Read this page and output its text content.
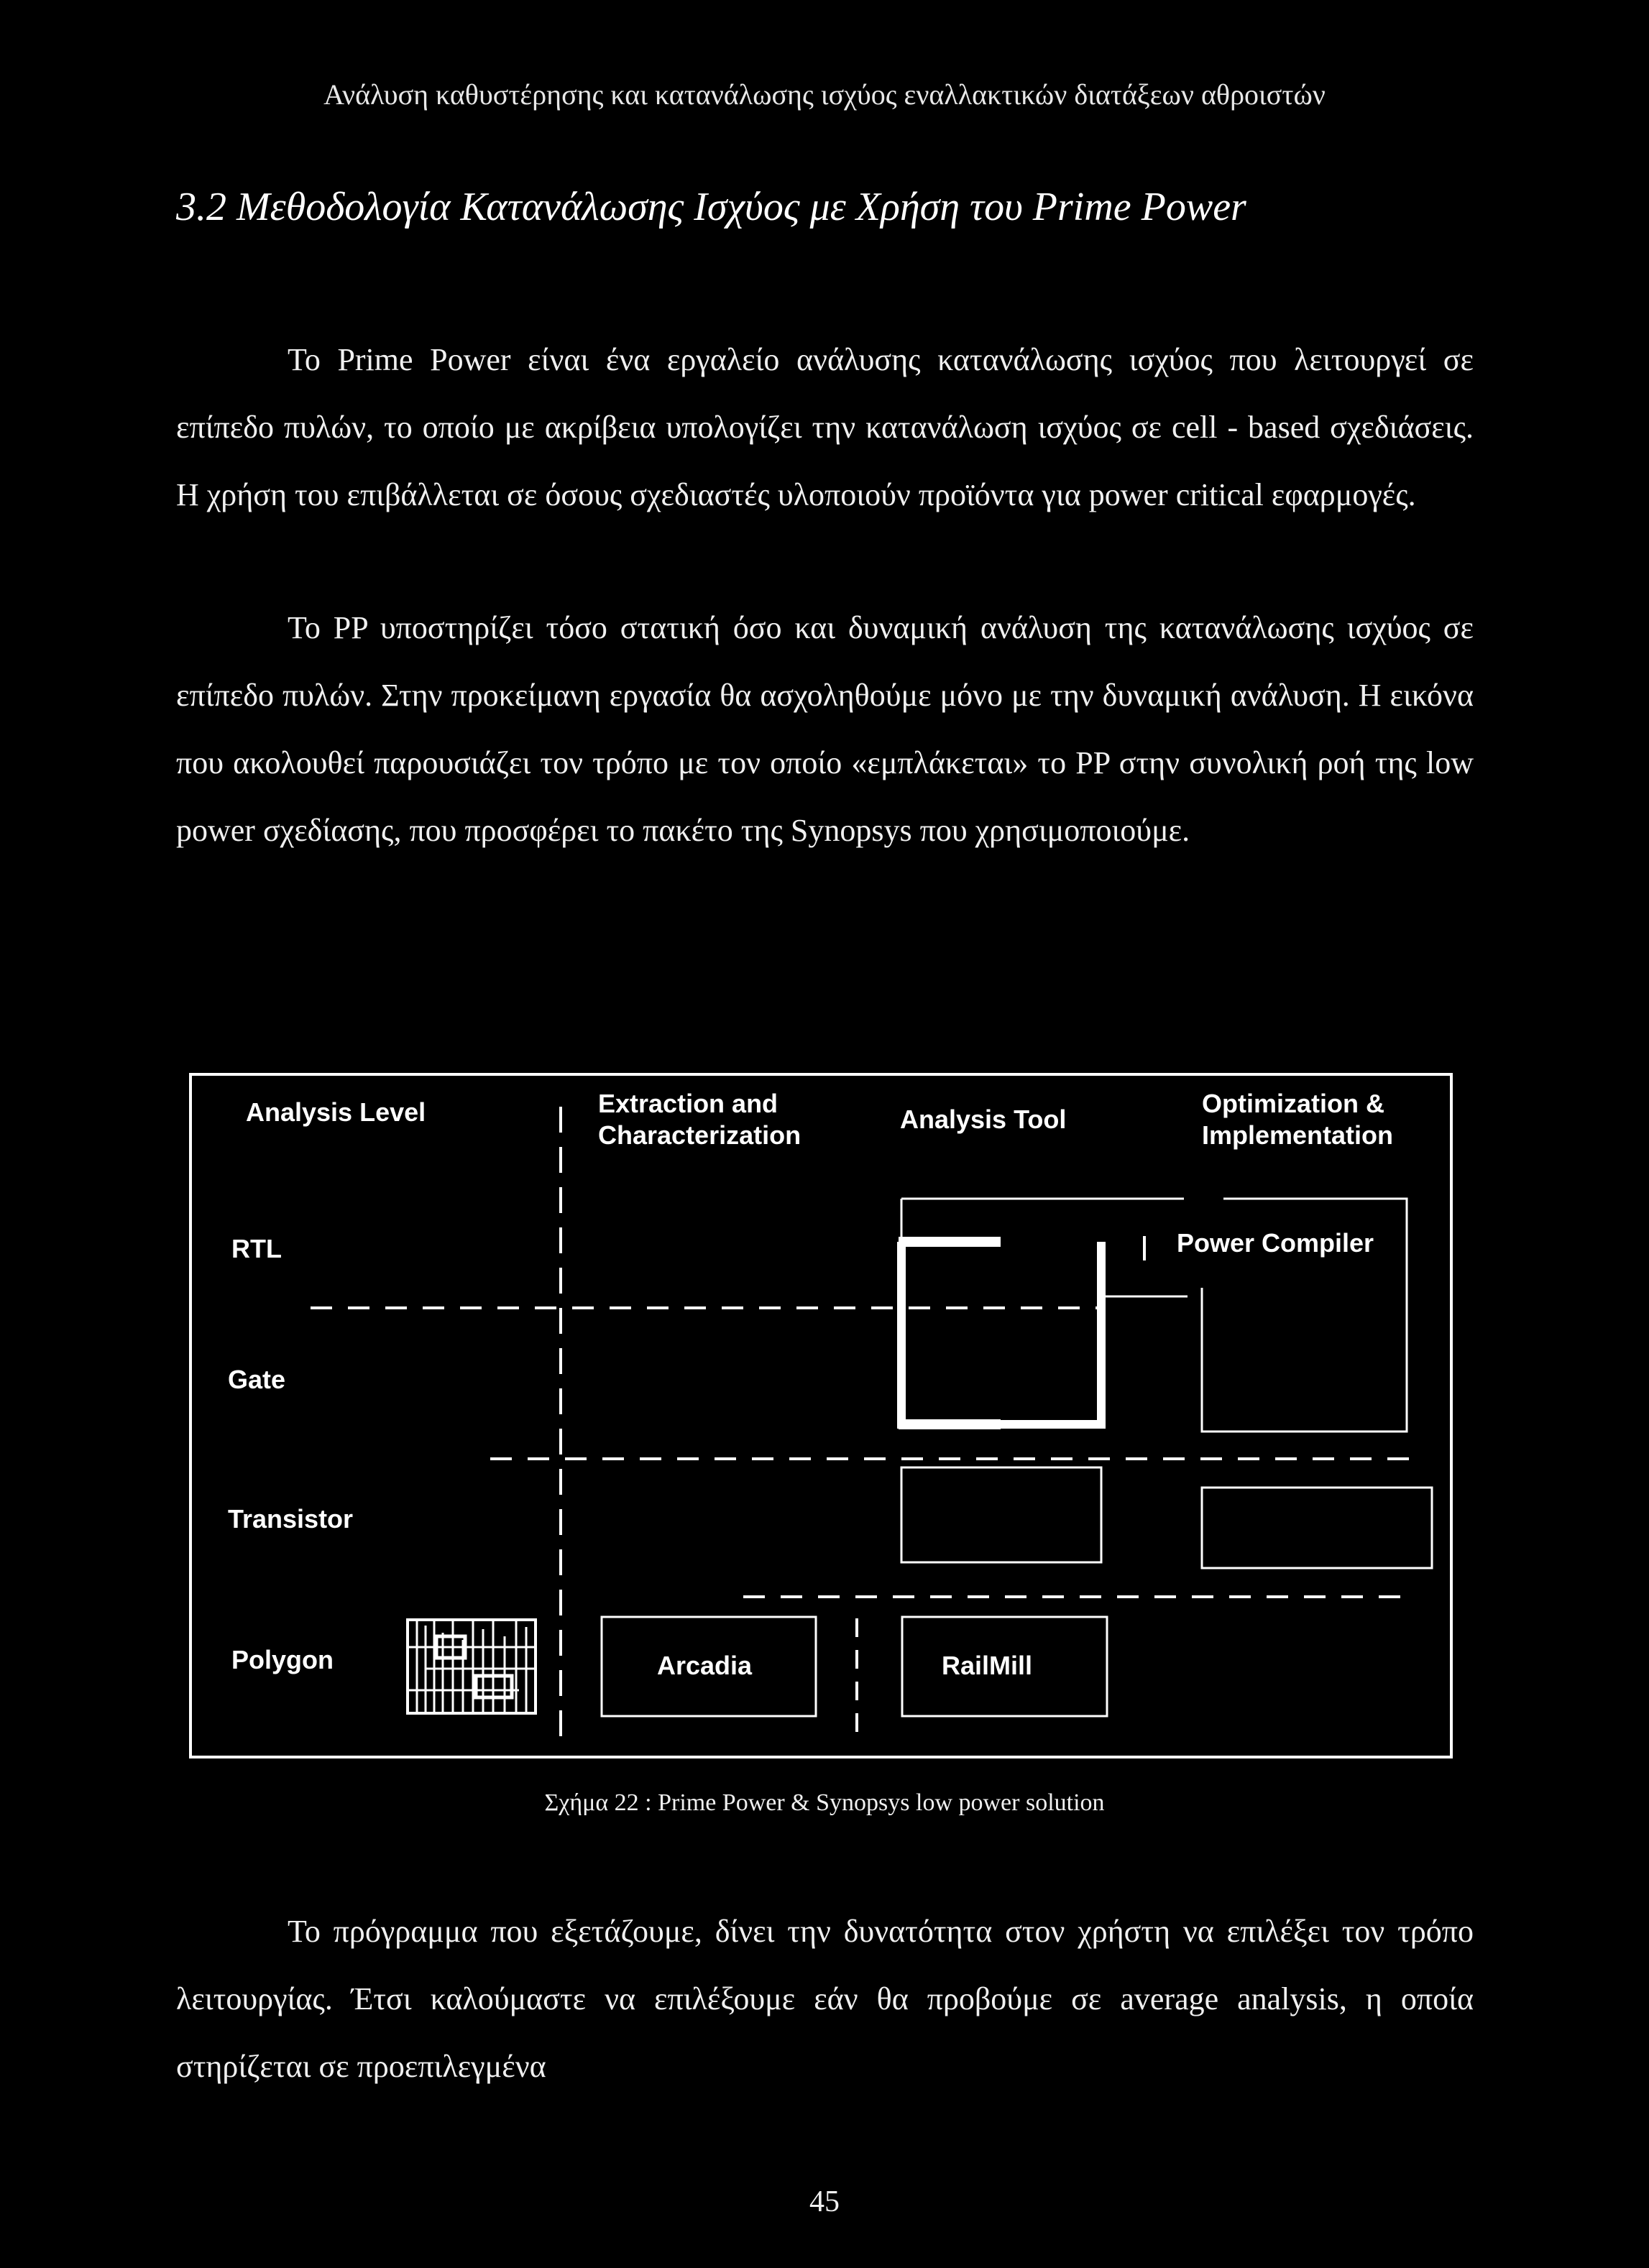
Ανάλυση καθυστέρησης και κατανάλωσης ισχύος εναλλακτικών διατάξεων αθροιστών
3.2 Μεθοδολογία Κατανάλωσης Ισχύος με Χρήση του Prime Power

Το Prime Power είναι ένα εργαλείο ανάλυσης κατανάλωσης ισχύος που λειτουργεί σε επίπεδο πυλών, το οποίο με ακρίβεια υπολογίζει την κατανάλωση ισχύος σε cell - based σχεδιάσεις. Η χρήση του επιβάλλεται σε όσους σχεδιαστές υλοποιούν προϊόντα για power critical εφαρμογές.

Το PP υποστηρίζει τόσο στατική όσο και δυναμική ανάλυση της κατανάλωσης ισχύος σε επίπεδο πυλών. Στην προκείμανη εργασία θα ασχοληθούμε μόνο με την δυναμική ανάλυση. Η εικόνα που ακολουθεί παρουσιάζει τον τρόπο με τον οποίο «εμπλάκεται» το PP στην συνολική ροή της low power σχεδίασης, που προσφέρει το πακέτο της Synopsys που χρησιμοποιούμε.

Analysis Level	Extraction and
Characterization
Analysis Tool
Optimization &
Implementation
RTL
Gate
Transistor
Polygon
Power Compiler
Arcadia	RailMill
Σχήμα 22 : Prime Power & Synopsys low power solution

Το πρόγραμμα που εξετάζουμε, δίνει την δυνατότητα στον χρήστη να επιλέξει τον τρόπο λειτουργίας. Έτσι καλούμαστε να επιλέξουμε εάν θα προβούμε σε average analysis, η οποία στηρίζεται σε προεπιλεγμένα

45
